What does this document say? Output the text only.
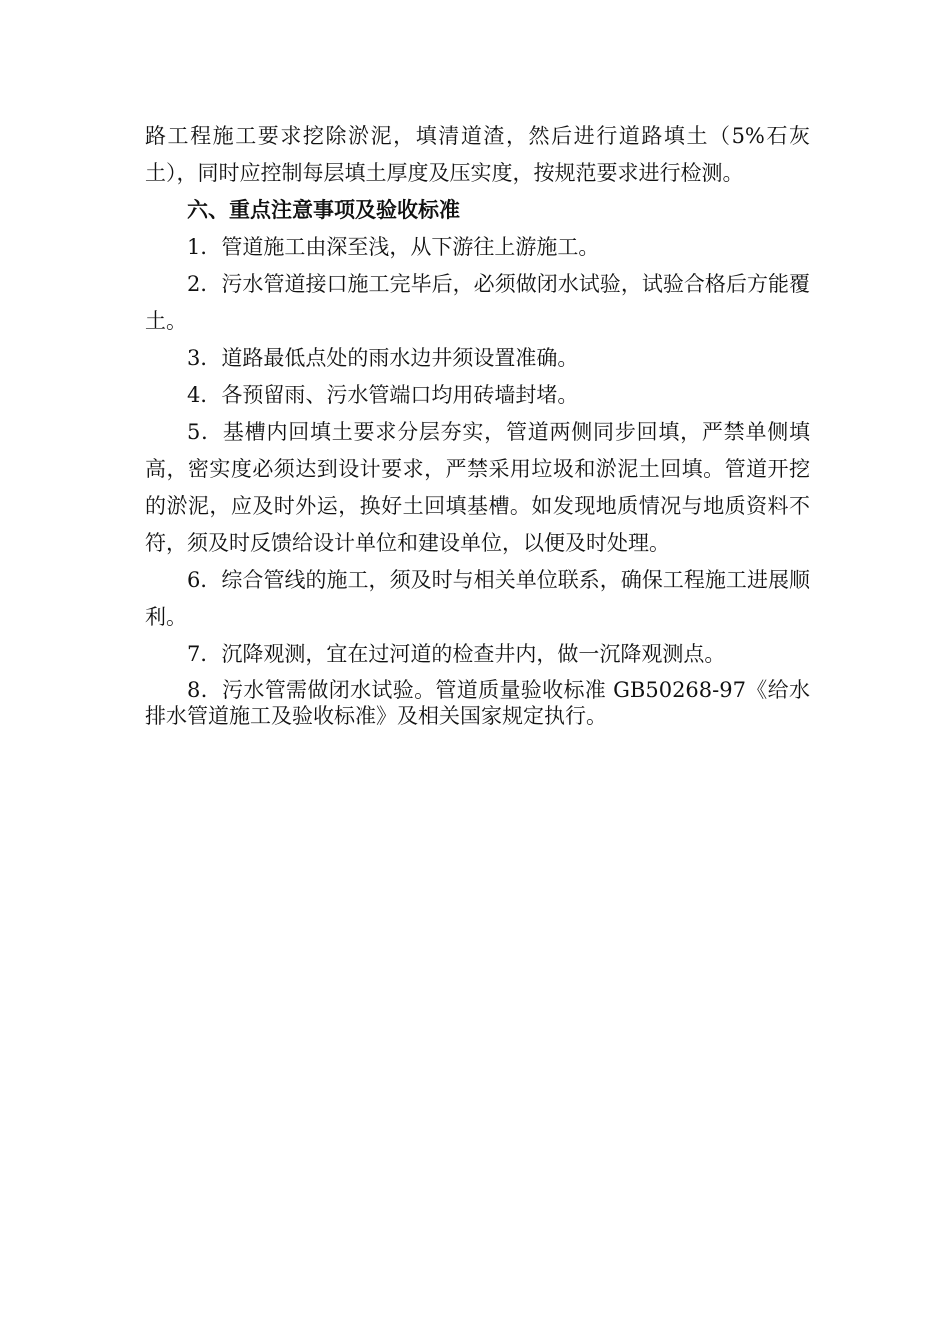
路工程施工要求挖除淤泥，填清道渣，然后进行道路填土（5%石灰土），同时应控制每层填土厚度及压实度，按规范要求进行检测。

六、重点注意事项及验收标准

1．管道施工由深至浅，从下游往上游施工。

2．污水管道接口施工完毕后，必须做闭水试验，试验合格后方能覆土。

3．道路最低点处的雨水边井须设置准确。

4．各预留雨、污水管端口均用砖墙封堵。

5．基槽内回填土要求分层夯实，管道两侧同步回填，严禁单侧填高，密实度必须达到设计要求，严禁采用垃圾和淤泥土回填。管道开挖的淤泥，应及时外运，换好土回填基槽。如发现地质情况与地质资料不符，须及时反馈给设计单位和建设单位，以便及时处理。

6．综合管线的施工，须及时与相关单位联系，确保工程施工进展顺利。

7．沉降观测，宜在过河道的检查井内，做一沉降观测点。

8．污水管需做闭水试验。管道质量验收标准 GB50268-97《给水排水管道施工及验收标准》及相关国家规定执行。
